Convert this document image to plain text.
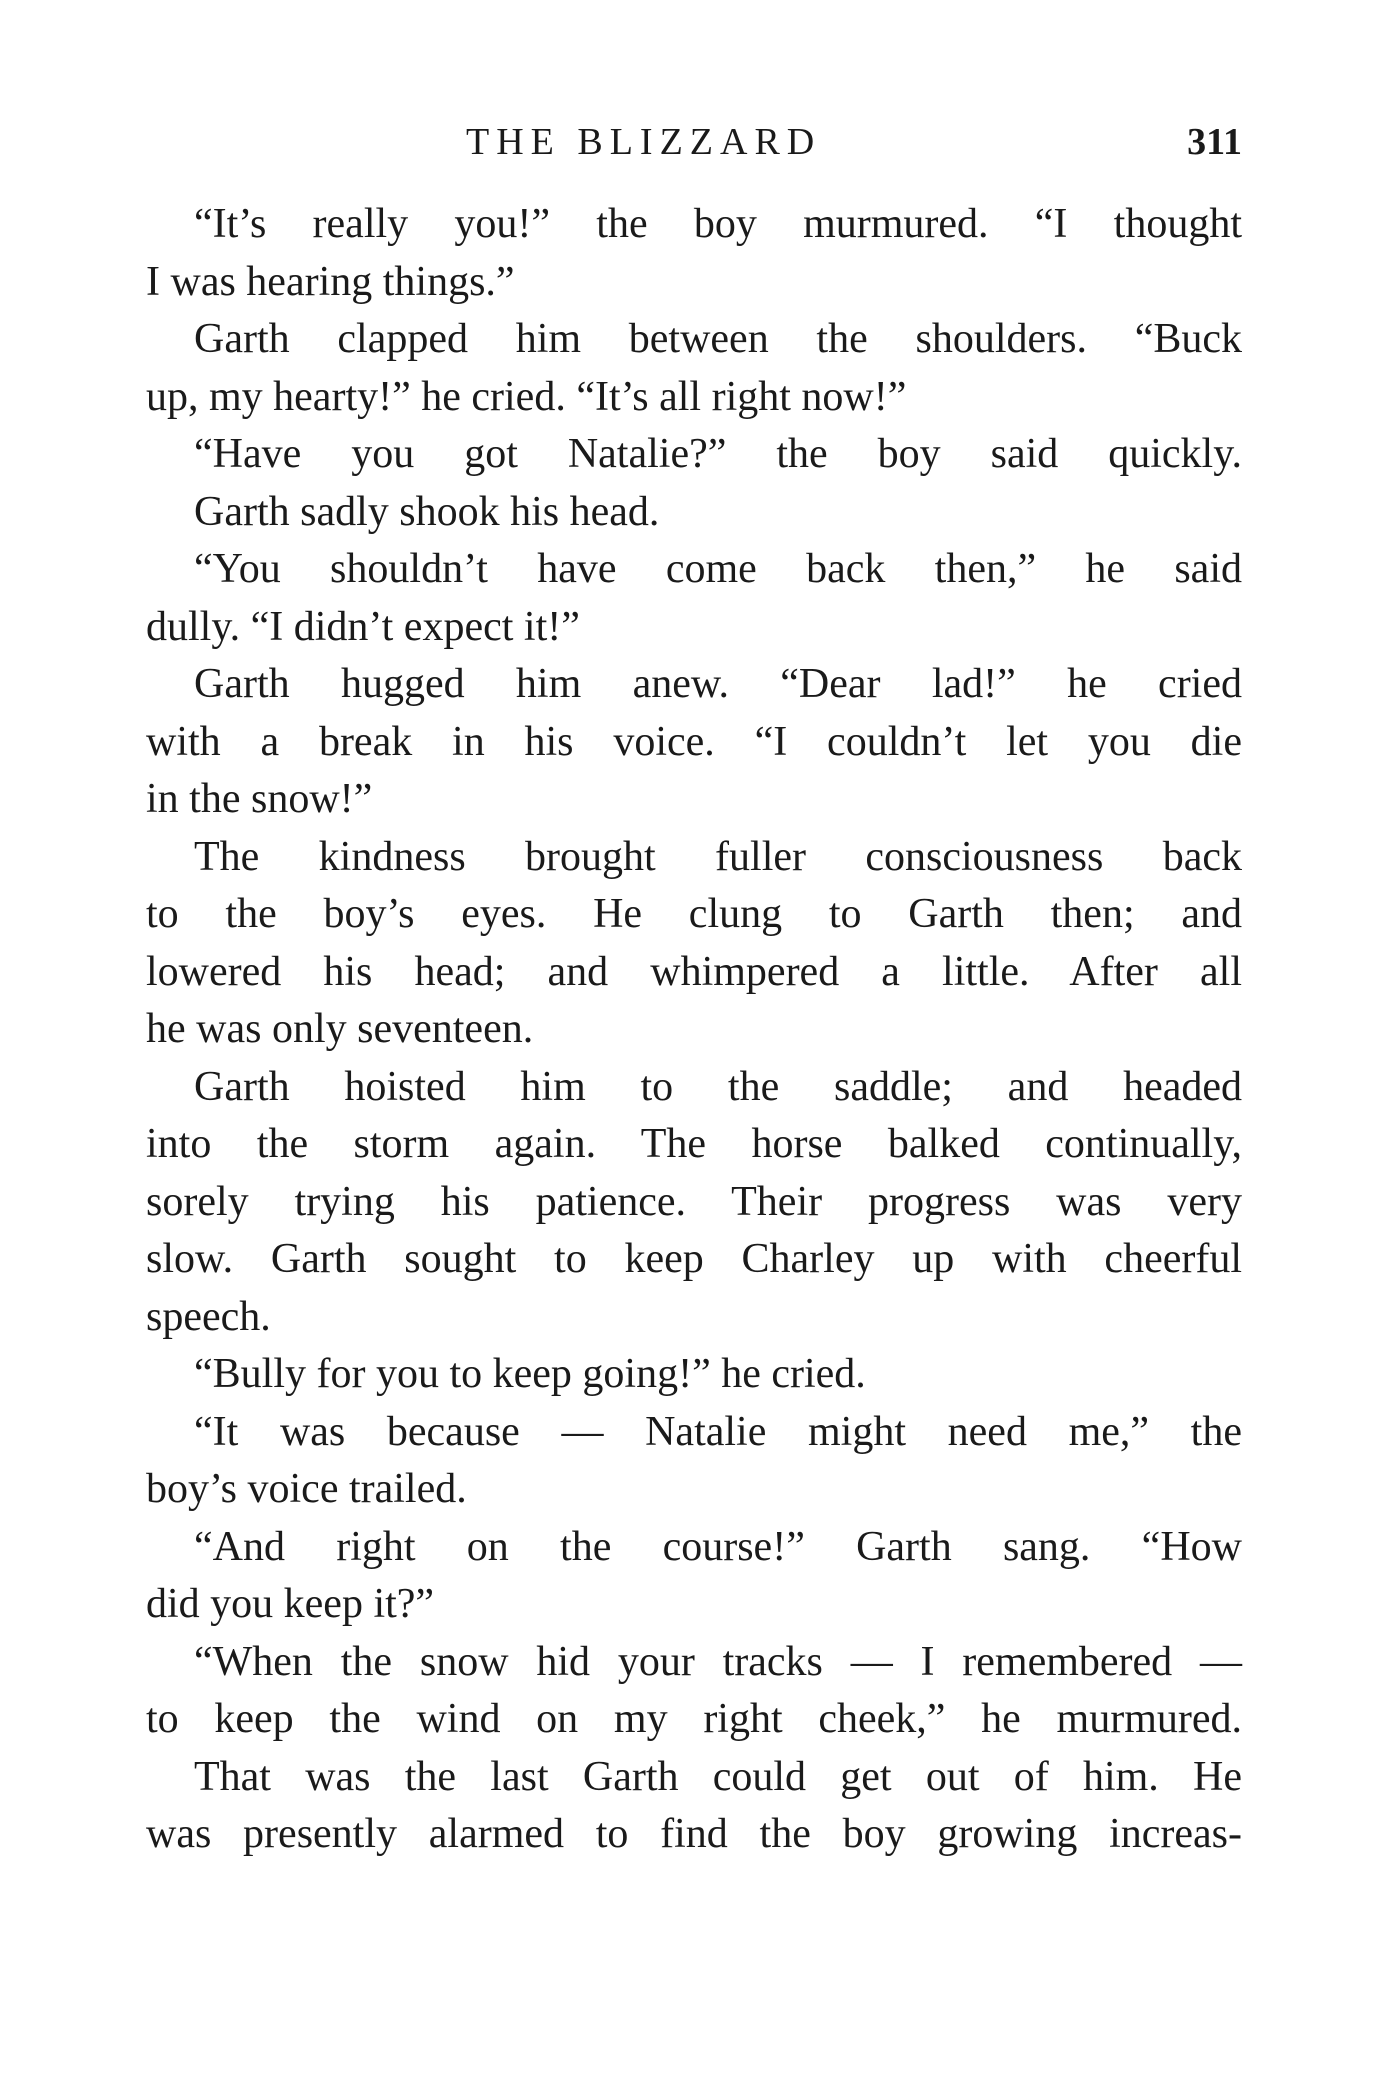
THE BLIZZARD	311
“It’s really you!” the boy murmured. “I thought
I was hearing things.”
Garth clapped him between the shoulders. “Buck
up, my hearty!” he cried. “It’s all right now!”
“Have you got Natalie?” the boy said quickly.
Garth sadly shook his head.
“You shouldn’t have come back then,” he said
dully. “I didn’t expect it!”
Garth hugged him anew. “Dear lad!” he cried
with a break in his voice. “I couldn’t let you die
in the snow!”
The kindness brought fuller consciousness back
to the boy’s eyes. He clung to Garth then; and
lowered his head; and whimpered a little. After all
he was only seventeen.
Garth hoisted him to the saddle; and headed
into the storm again. The horse balked continually,
sorely trying his patience. Their progress was very
slow. Garth sought to keep Charley up with cheerful
speech.
“Bully for you to keep going!” he cried.
“It was because — Natalie might need me,” the
boy’s voice trailed.
“And right on the course!” Garth sang. “How
did you keep it?”
“When the snow hid your tracks — I remembered —
to keep the wind on my right cheek,” he murmured.
That was the last Garth could get out of him. He
was presently alarmed to find the boy growing increas-
